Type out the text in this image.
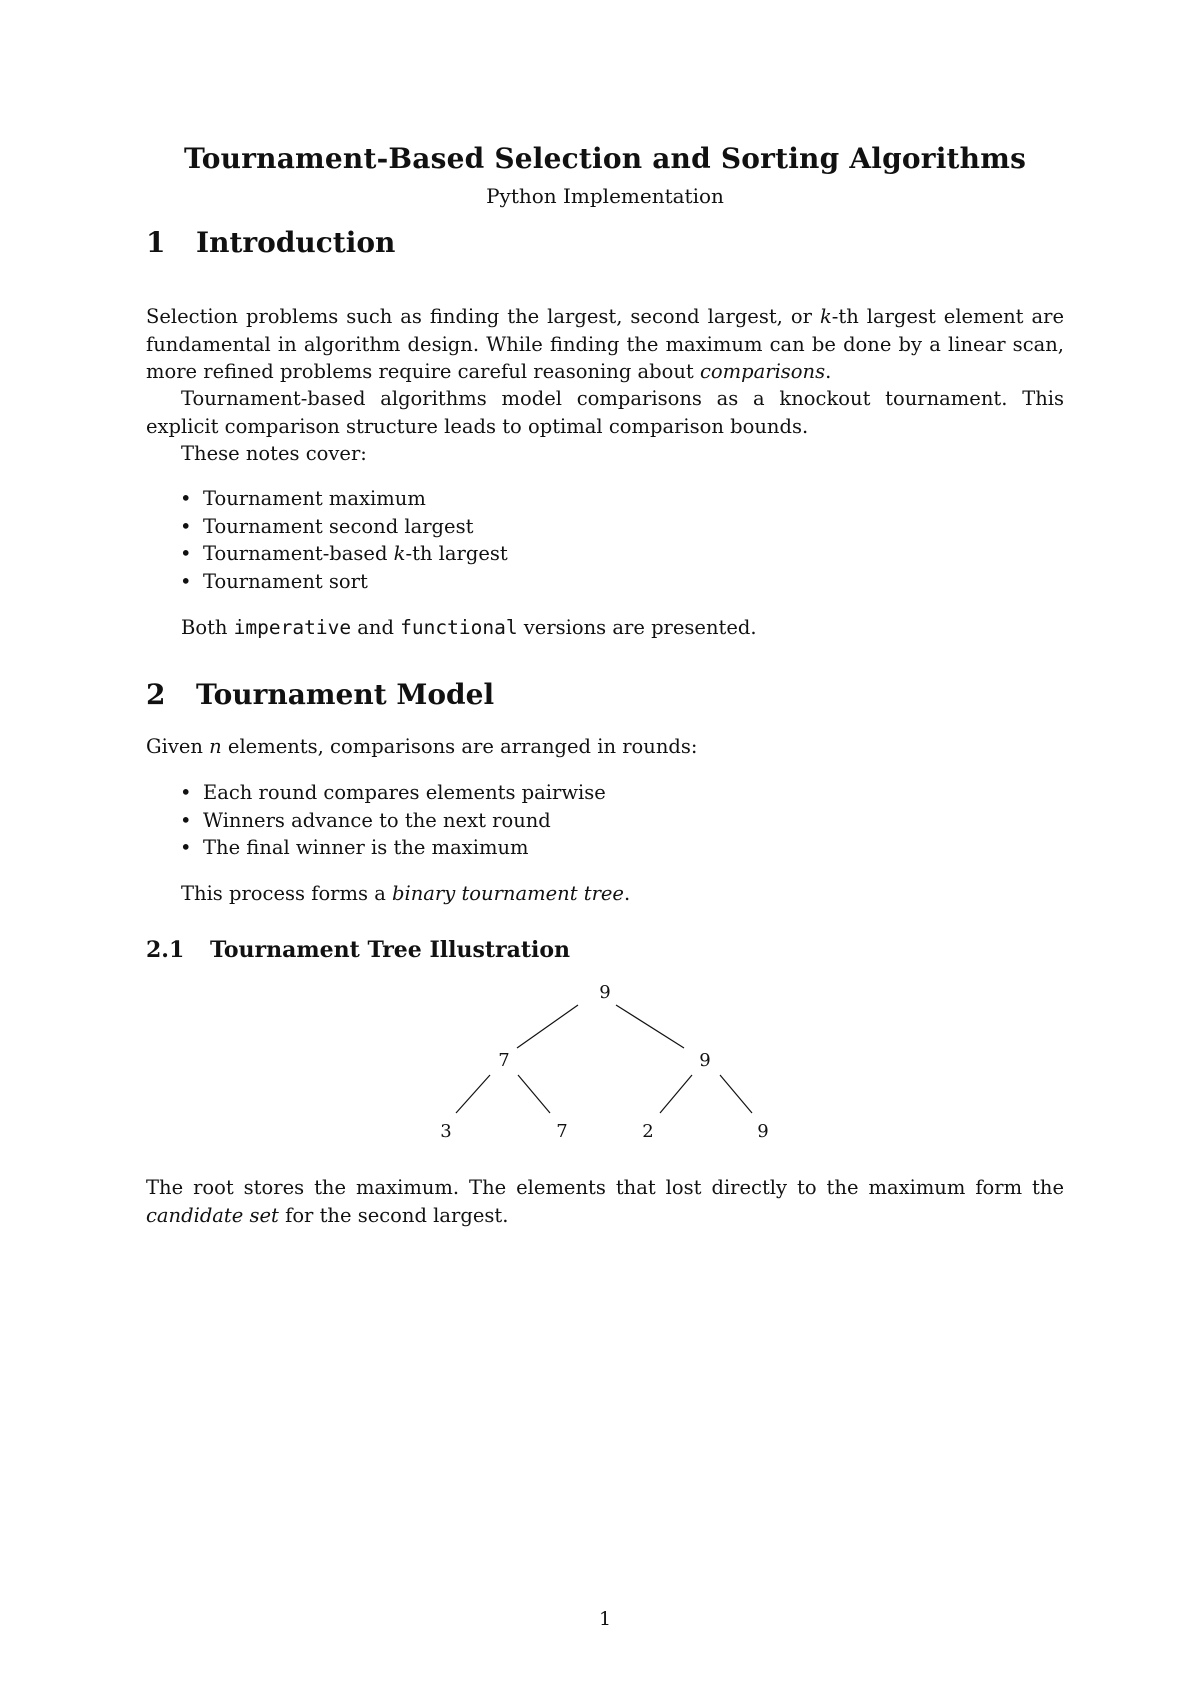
Tournament-Based Selection and Sorting Algorithms

Python Implementation

1 Introduction

Selection problems such as finding the largest, second largest, or k-th largest element are fundamental in algorithm design. While finding the maximum can be done by a linear scan, more refined problems require careful reasoning about comparisons.

Tournament-based algorithms model comparisons as a knockout tournament. This explicit comparison structure leads to optimal comparison bounds.

These notes cover:

• Tournament maximum
• Tournament second largest
• Tournament-based k-th largest
• Tournament sort

Both imperative and functional versions are presented.

2 Tournament Model

Given n elements, comparisons are arranged in rounds:

• Each round compares elements pairwise
• Winners advance to the next round
• The final winner is the maximum

This process forms a binary tournament tree.

2.1 Tournament Tree Illustration
9
7	9
3	7	2	9

The root stores the maximum. The elements that lost directly to the maximum form the candidate set for the second largest.

1
